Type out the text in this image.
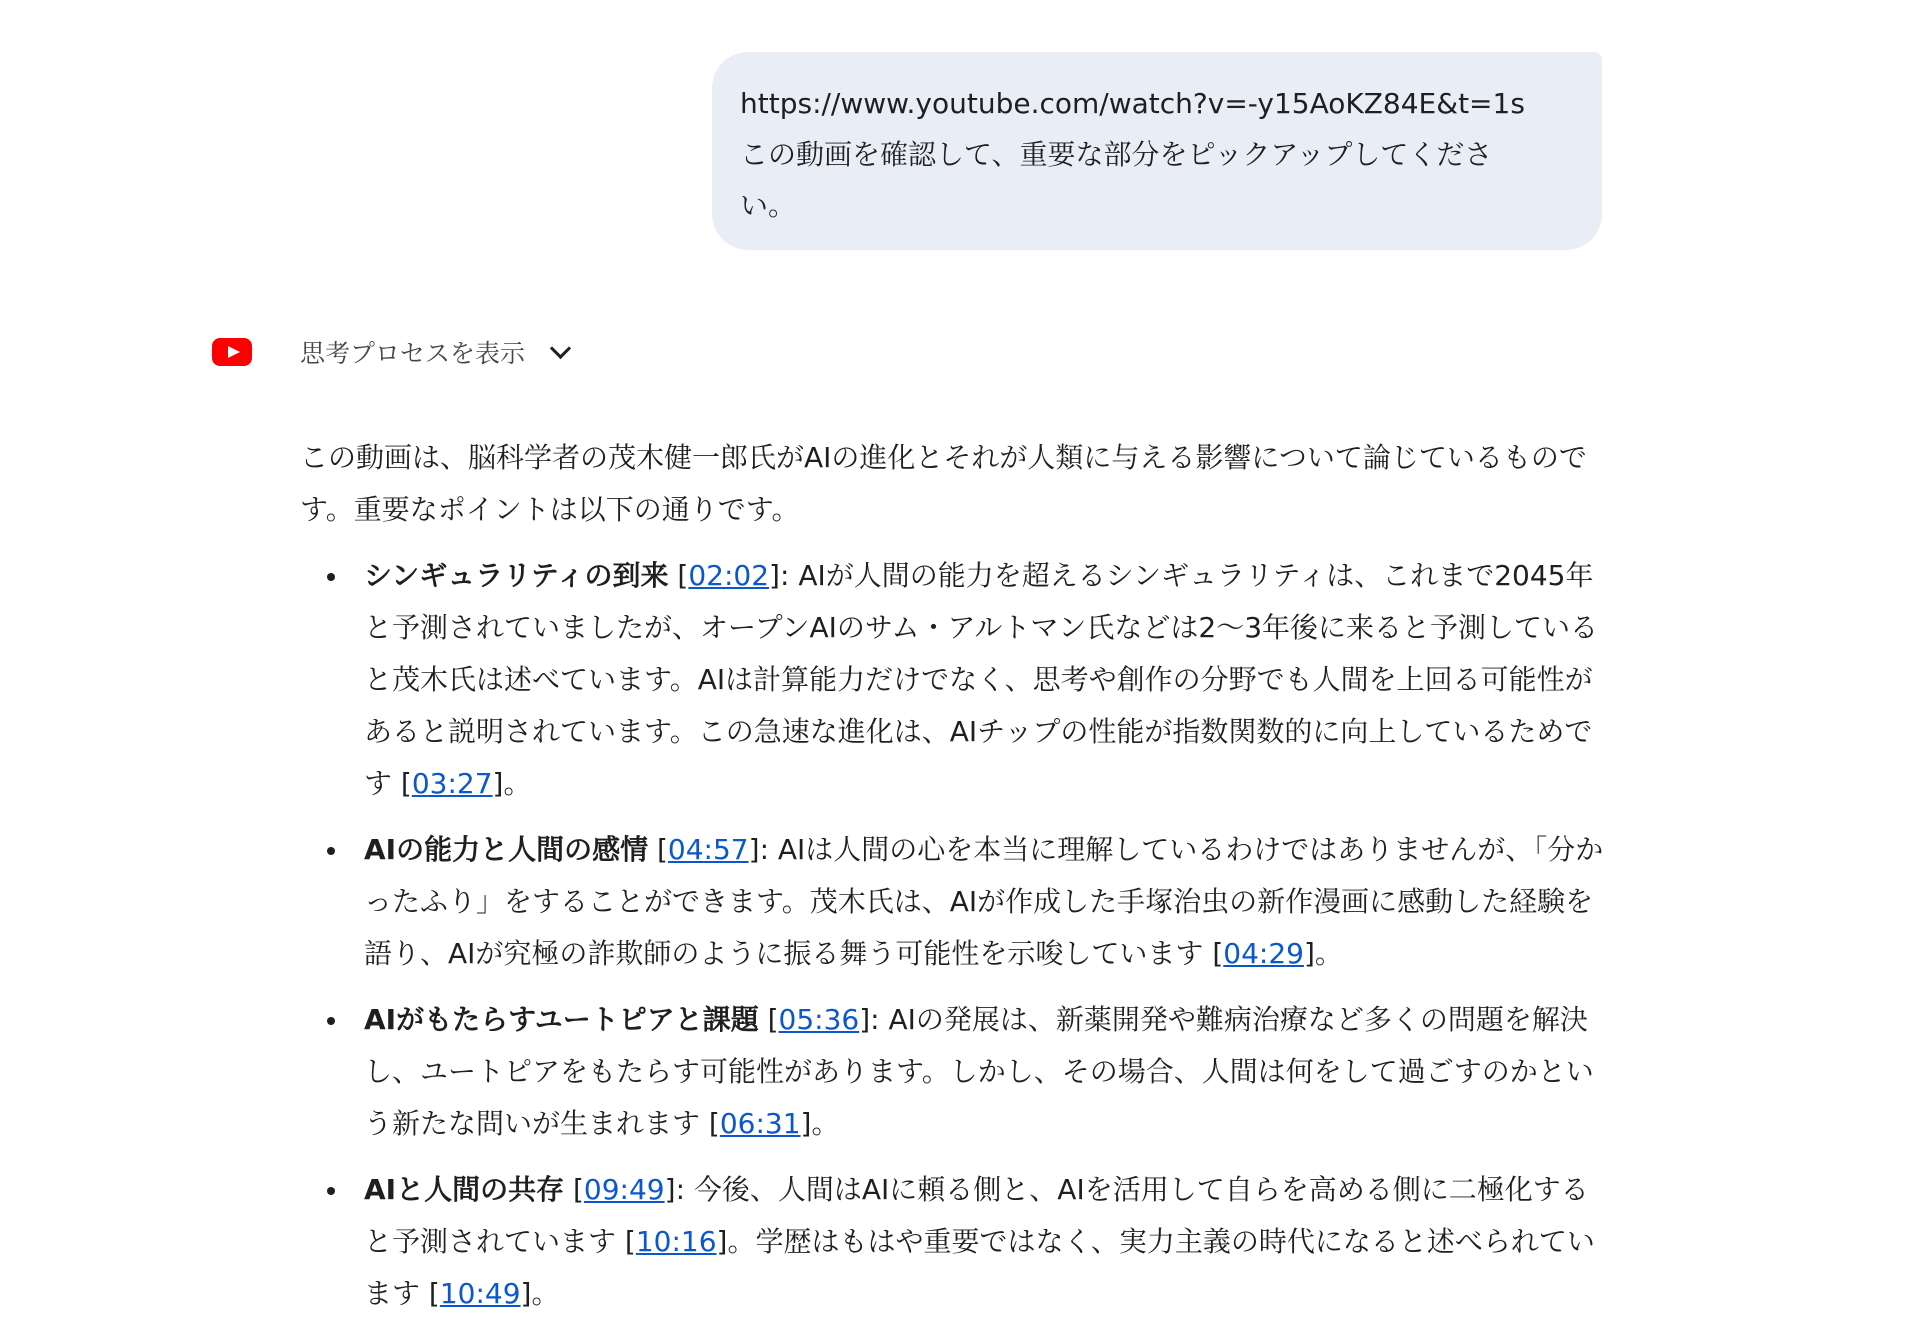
https://www.youtube.com/watch?v=-y15AoKZ84E&t=1s
この動画を確認して、重要な部分をピックアップしてください。
思考プロセスを表示

この動画は、脳科学者の茂木健一郎氏がAIの進化とそれが人類に与える影響について論じているものです。重要なポイントは以下の通りです。

シンギュラリティの到来 [02:02]: AIが人間の能力を超えるシンギュラリティは、これまで2045年と予測されていましたが、オープンAIのサム・アルトマン氏などは2〜3年後に来ると予測していると茂木氏は述べています。AIは計算能力だけでなく、思考や創作の分野でも人間を上回る可能性があると説明されています。この急速な進化は、AIチップの性能が指数関数的に向上しているためです [03:27]。
AIの能力と人間の感情 [04:57]: AIは人間の心を本当に理解しているわけではありませんが、「分かったふり」をすることができます。茂木氏は、AIが作成した手塚治虫の新作漫画に感動した経験を語り、AIが究極の詐欺師のように振る舞う可能性を示唆しています [04:29]。
AIがもたらすユートピアと課題 [05:36]: AIの発展は、新薬開発や難病治療など多くの問題を解決し、ユートピアをもたらす可能性があります。しかし、その場合、人間は何をして過ごすのかという新たな問いが生まれます [06:31]。
AIと人間の共存 [09:49]: 今後、人間はAIに頼る側と、AIを活用して自らを高める側に二極化すると予測されています [10:16]。学歴はもはや重要ではなく、実力主義の時代になると述べられています [10:49]。
